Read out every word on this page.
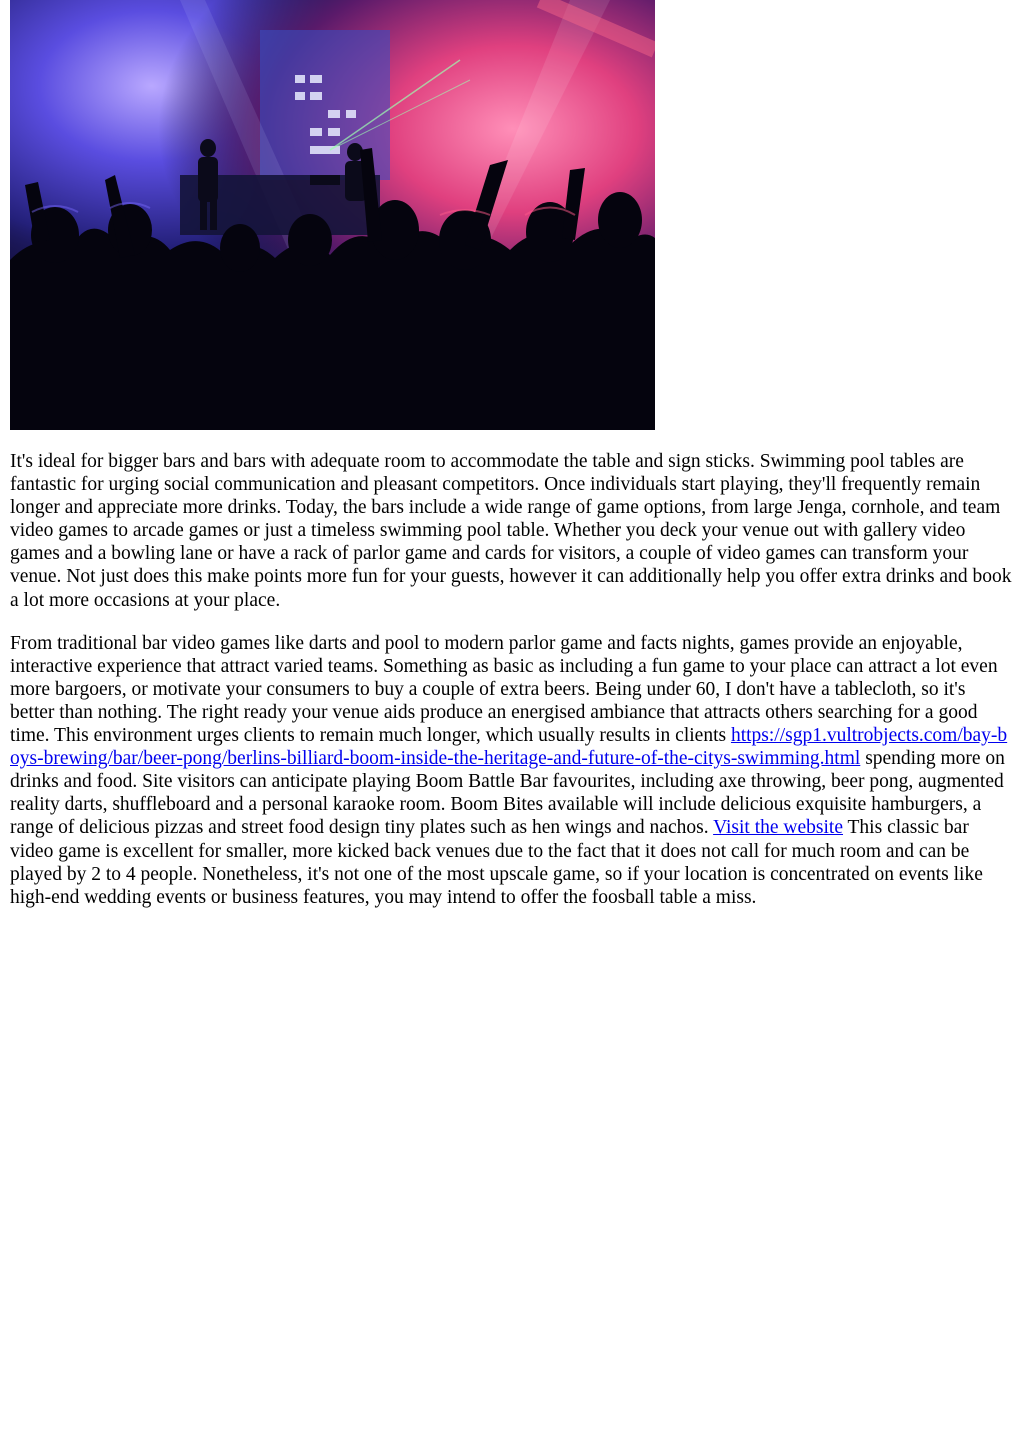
It's ideal for bigger bars and bars with adequate room to accommodate the table and sign sticks. Swimming pool tables are fantastic for urging social communication and pleasant competitors. Once individuals start playing, they'll frequently remain longer and appreciate more drinks. Today, the bars include a wide range of game options, from large Jenga, cornhole, and team video games to arcade games or just a timeless swimming pool table. Whether you deck your venue out with gallery video games and a bowling lane or have a rack of parlor game and cards for visitors, a couple of video games can transform your venue. Not just does this make points more fun for your guests, however it can additionally help you offer extra drinks and book a lot more occasions at your place.

From traditional bar video games like darts and pool to modern parlor game and facts nights, games provide an enjoyable, interactive experience that attract varied teams. Something as basic as including a fun game to your place can attract a lot even more bargoers, or motivate your consumers to buy a couple of extra beers. Being under 60, I don't have a tablecloth, so it's better than nothing. The right ready your venue aids produce an energised ambiance that attracts others searching for a good time. This environment urges clients to remain much longer, which usually results in clients https://sgp1.vultrobjects.com/bay-boys-brewing/bar/beer-pong/berlins-billiard-boom-inside-the-heritage-and-future-of-the-citys-swimming.html spending more on drinks and food. Site visitors can anticipate playing Boom Battle Bar favourites, including axe throwing, beer pong, augmented reality darts, shuffleboard and a personal karaoke room. Boom Bites available will include delicious exquisite hamburgers, a range of delicious pizzas and street food design tiny plates such as hen wings and nachos. Visit the website This classic bar video game is excellent for smaller, more kicked back venues due to the fact that it does not call for much room and can be played by 2 to 4 people. Nonetheless, it's not one of the most upscale game, so if your location is concentrated on events like high-end wedding events or business features, you may intend to offer the foosball table a miss.
